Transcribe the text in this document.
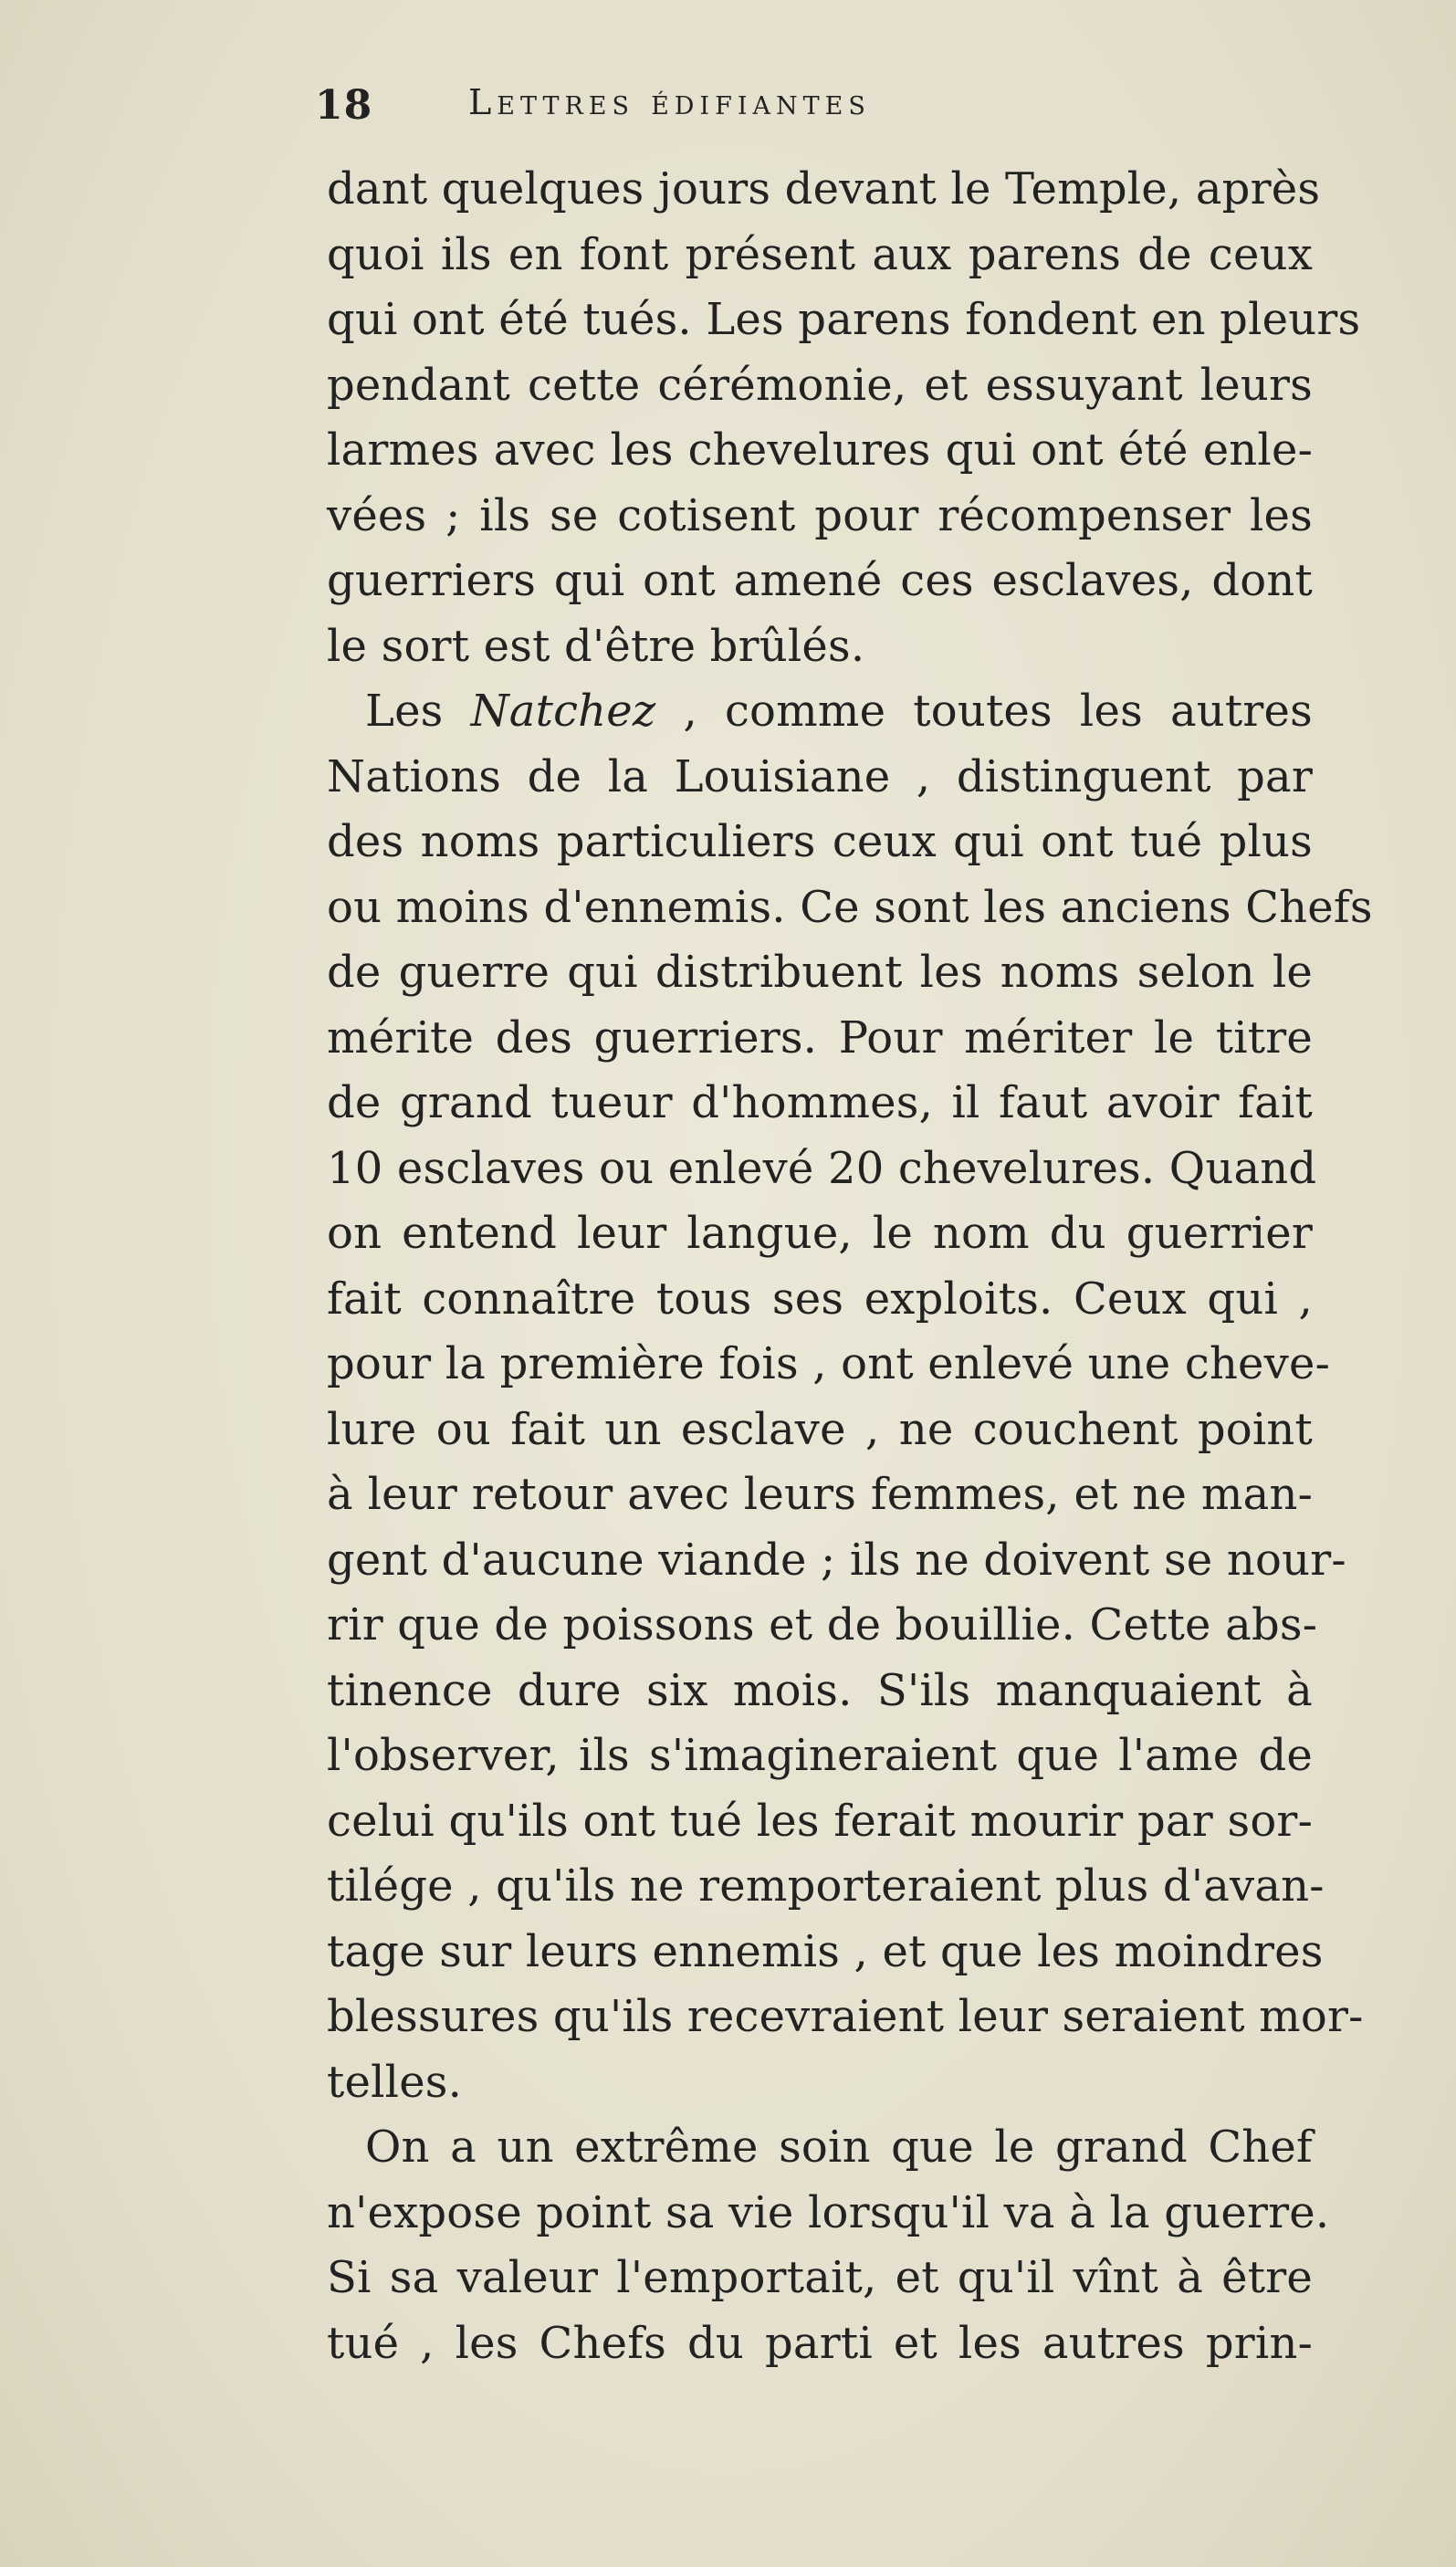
18	Lettres édifiantes
dant quelques jours devant le Temple, après
quoi ils en font présent aux parens de ceux
qui ont été tués. Les parens fondent en pleurs
pendant cette cérémonie, et essuyant leurs
larmes avec les chevelures qui ont été enle-
vées ; ils se cotisent pour récompenser les
guerriers qui ont amené ces esclaves, dont
le sort est d'être brûlés.
Les Natchez , comme toutes les autres
Nations de la Louisiane , distinguent par
des noms particuliers ceux qui ont tué plus
ou moins d'ennemis. Ce sont les anciens Chefs
de guerre qui distribuent les noms selon le
mérite des guerriers. Pour mériter le titre
de grand tueur d'hommes, il faut avoir fait
10 esclaves ou enlevé 20 chevelures. Quand
on entend leur langue, le nom du guerrier
fait connaître tous ses exploits. Ceux qui ,
pour la première fois , ont enlevé une cheve-
lure ou fait un esclave , ne couchent point
à leur retour avec leurs femmes, et ne man-
gent d'aucune viande ; ils ne doivent se nour-
rir que de poissons et de bouillie. Cette abs-
tinence dure six mois. S'ils manquaient à
l'observer, ils s'imagineraient que l'ame de
celui qu'ils ont tué les ferait mourir par sor-
tilége , qu'ils ne remporteraient plus d'avan-
tage sur leurs ennemis , et que les moindres
blessures qu'ils recevraient leur seraient mor-
telles.
On a un extrême soin que le grand Chef
n'expose point sa vie lorsqu'il va à la guerre.
Si sa valeur l'emportait, et qu'il vînt à être
tué , les Chefs du parti et les autres prin-
